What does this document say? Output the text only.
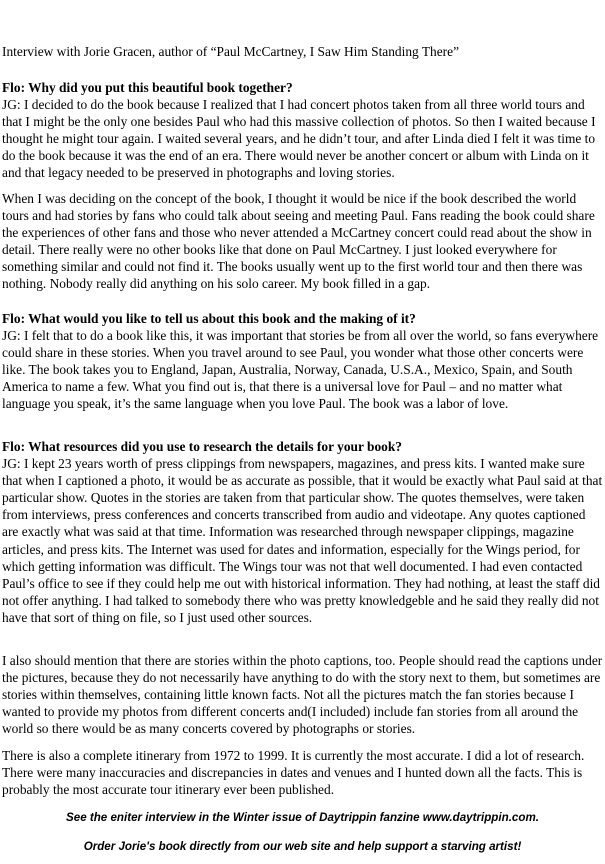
Interview with Jorie Gracen, author of “Paul McCartney, I Saw Him Standing There”
Flo: Why did you put this beautiful book together?
JG: I decided to do the book because I realized that I had concert photos taken from all three world tours and that I might be the only one besides Paul who had this massive collection of photos. So then I waited because I thought he might tour again. I waited several years, and he didn’t tour, and after Linda died I felt it was time to do the book because it was the end of an era. There would never be another concert or album with Linda on it and that legacy needed to be preserved in photographs and loving stories.
When I was deciding on the concept of the book, I thought it would be nice if the book described the world tours and had stories by fans who could talk about seeing and meeting Paul. Fans reading the book could share the experiences of other fans and those who never attended a McCartney concert could read about the show in detail. There really were no other books like that done on Paul McCartney. I just looked everywhere for something similar and could not find it. The books usually went up to the first world tour and then there was nothing. Nobody really did anything on his solo career. My book filled in a gap.
Flo: What would you like to tell us about this book and the making of it?
JG: I felt that to do a book like this, it was important that stories be from all over the world, so fans everywhere could share in these stories. When you travel around to see Paul, you wonder what those other concerts were like. The book takes you to England, Japan, Australia, Norway, Canada, U.S.A., Mexico, Spain, and South America to name a few. What you find out is, that there is a universal love for Paul – and no matter what language you speak, it’s the same language when you love Paul. The book was a labor of love.
Flo: What resources did you use to research the details for your book?
JG: I kept 23 years worth of press clippings from newspapers, magazines, and press kits. I wanted make sure that when I captioned a photo, it would be as accurate as possible, that it would be exactly what Paul said at that particular show. Quotes in the stories are taken from that particular show. The quotes themselves, were taken from interviews, press conferences and concerts transcribed from audio and videotape. Any quotes captioned are exactly what was said at that time. Information was researched through newspaper clippings, magazine articles, and press kits. The Internet was used for dates and information, especially for the Wings period, for which getting information was difficult. The Wings tour was not that well documented. I had even contacted Paul’s office to see if they could help me out with historical information. They had nothing, at least the staff did not offer anything. I had talked to somebody there who was pretty knowledgeble and he said they really did not have that sort of thing on file, so I just used other sources.
I also should mention that there are stories within the photo captions, too. People should read the captions under the pictures, because they do not necessarily have anything to do with the story next to them, but sometimes are stories within themselves, containing little known facts. Not all the pictures match the fan stories because I wanted to provide my photos from different concerts and(I included) include fan stories from all around the world so there would be as many concerts covered by photographs or stories.
There is also a complete itinerary from 1972 to 1999. It is currently the most accurate. I did a lot of research. There were many inaccuracies and discrepancies in dates and venues and I hunted down all the facts. This is probably the most accurate tour itinerary ever been published.
See the eniter interview in the Winter issue of Daytrippin fanzine www.daytrippin.com.
Order Jorie's book directly from our web site and help support a starving artist!
